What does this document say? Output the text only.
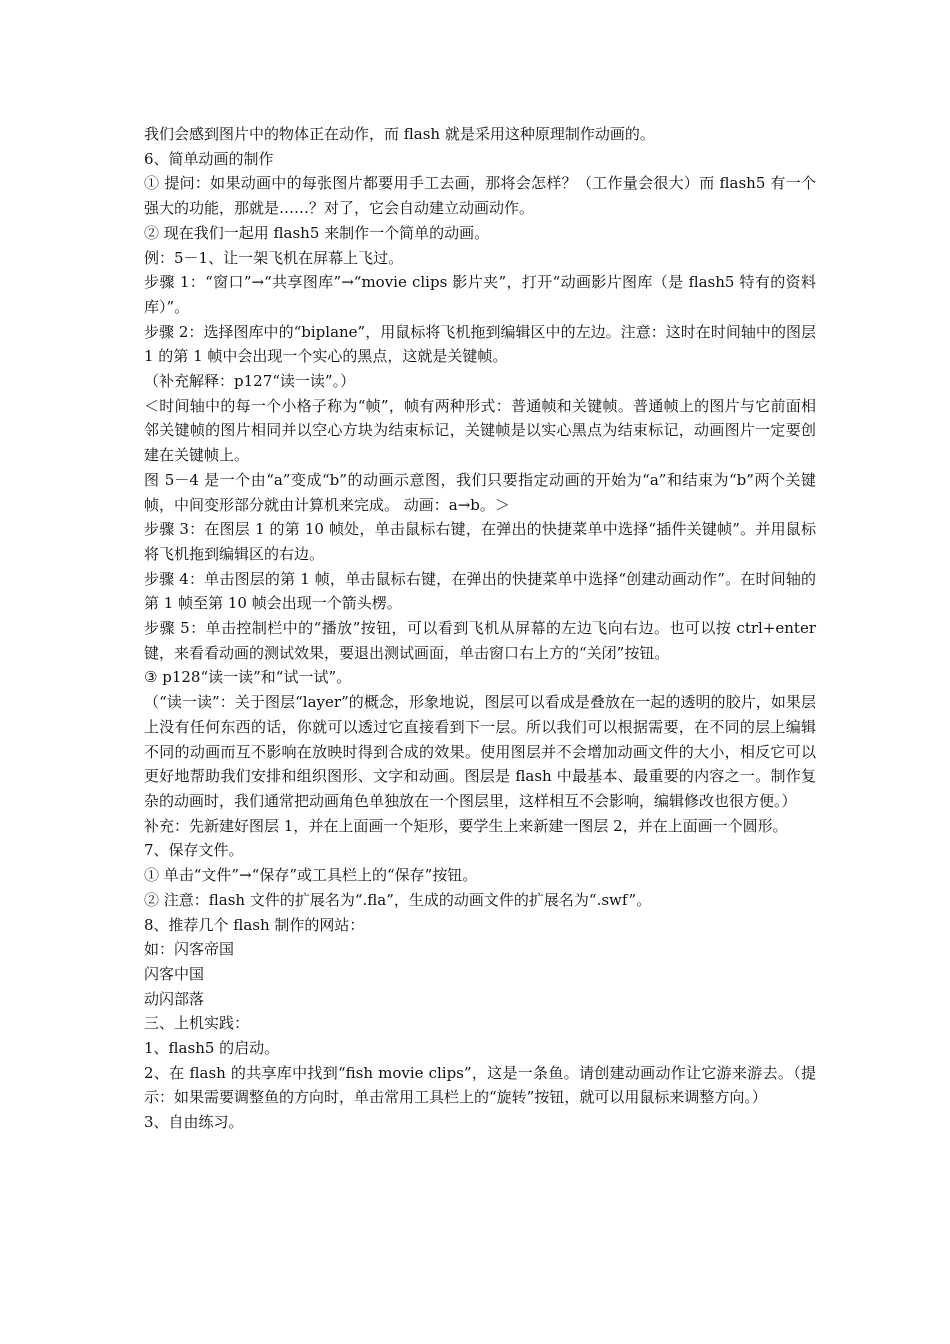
我们会感到图片中的物体正在动作，而 flash 就是采用这种原理制作动画的。

6、简单动画的制作

① 提问：如果动画中的每张图片都要用手工去画，那将会怎样？（工作量会很大）而 flash5 有一个强大的功能，那就是……？对了，它会自动建立动画动作。

② 现在我们一起用 flash5 来制作一个简单的动画。

例：5－1、让一架飞机在屏幕上飞过。

步骤 1：“窗口”→“共享图库”→“movie clips 影片夹”，打开“动画影片图库（是 flash5 特有的资料库）”。

步骤 2：选择图库中的“biplane”，用鼠标将飞机拖到编辑区中的左边。注意：这时在时间轴中的图层 1 的第 1 帧中会出现一个实心的黑点，这就是关键帧。

（补充解释：p127“读一读”。）

＜时间轴中的每一个小格子称为“帧”，帧有两种形式：普通帧和关键帧。普通帧上的图片与它前面相邻关键帧的图片相同并以空心方块为结束标记，关键帧是以实心黑点为结束标记，动画图片一定要创建在关键帧上。

图 5－4 是一个由“a”变成“b”的动画示意图，我们只要指定动画的开始为“a”和结束为“b”两个关键帧，中间变形部分就由计算机来完成。 动画：a→b。＞

步骤 3：在图层 1 的第 10 帧处，单击鼠标右键，在弹出的快捷菜单中选择“插件关键帧”。并用鼠标将飞机拖到编辑区的右边。

步骤 4：单击图层的第 1 帧，单击鼠标右键，在弹出的快捷菜单中选择“创建动画动作”。在时间轴的第 1 帧至第 10 帧会出现一个箭头楞。

步骤 5：单击控制栏中的“播放”按钮，可以看到飞机从屏幕的左边飞向右边。也可以按 ctrl+enter 键，来看看动画的测试效果，要退出测试画面，单击窗口右上方的“关闭”按钮。

③ p128“读一读”和“试一试”。

（“读一读”：关于图层“layer”的概念，形象地说，图层可以看成是叠放在一起的透明的胶片，如果层上没有任何东西的话，你就可以透过它直接看到下一层。所以我们可以根据需要，在不同的层上编辑不同的动画而互不影响在放映时得到合成的效果。使用图层并不会增加动画文件的大小，相反它可以更好地帮助我们安排和组织图形、文字和动画。图层是 flash 中最基本、最重要的内容之一。制作复杂的动画时，我们通常把动画角色单独放在一个图层里，这样相互不会影响，编辑修改也很方便。）

补充：先新建好图层 1，并在上面画一个矩形，要学生上来新建一图层 2，并在上面画一个圆形。

7、保存文件。

① 单击“文件”→“保存”或工具栏上的“保存”按钮。

② 注意：flash 文件的扩展名为“.fla”，生成的动画文件的扩展名为“.swf”。

8、推荐几个 flash 制作的网站：

如：闪客帝国

闪客中国

动闪部落

三、上机实践：

1、flash5 的启动。

2、在 flash 的共享库中找到“fish movie clips”，这是一条鱼。请创建动画动作让它游来游去。（提示：如果需要调整鱼的方向时，单击常用工具栏上的“旋转”按钮，就可以用鼠标来调整方向。）

3、自由练习。
